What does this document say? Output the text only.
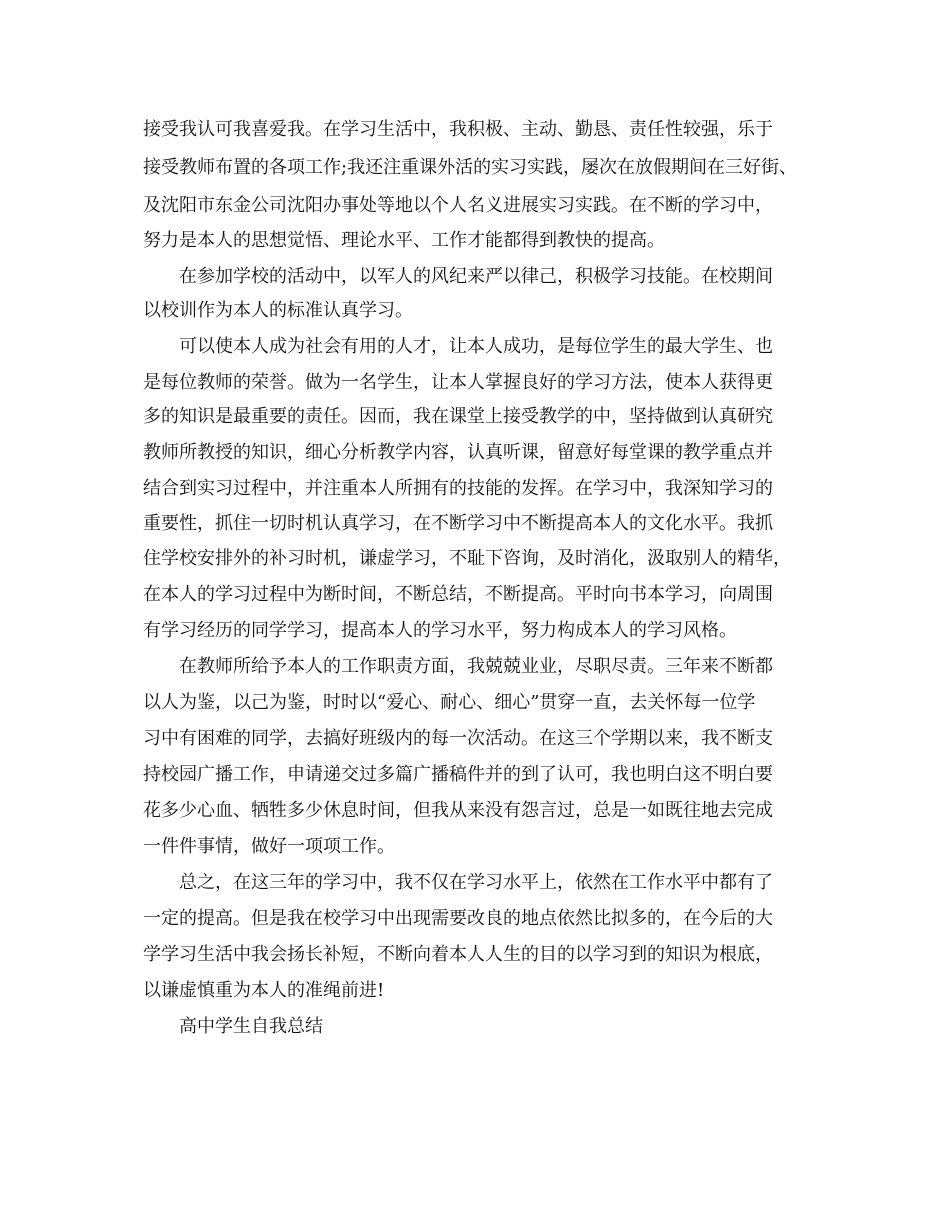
接受我认可我喜爱我。在学习生活中，我积极、主动、勤恳、责任性较强，乐于
接受教师布置的各项工作;我还注重课外活的实习实践，屡次在放假期间在三好街、
及沈阳市东金公司沈阳办事处等地以个人名义进展实习实践。在不断的学习中，
努力是本人的思想觉悟、理论水平、工作才能都得到教快的提高。
在参加学校的活动中，以军人的风纪来严以律己，积极学习技能。在校期间
以校训作为本人的标准认真学习。
可以使本人成为社会有用的人才，让本人成功，是每位学生的最大学生、也
是每位教师的荣誉。做为一名学生，让本人掌握良好的学习方法，使本人获得更
多的知识是最重要的责任。因而，我在课堂上接受教学的中，坚持做到认真研究
教师所教授的知识，细心分析教学内容，认真听课，留意好每堂课的教学重点并
结合到实习过程中，并注重本人所拥有的技能的发挥。在学习中，我深知学习的
重要性，抓住一切时机认真学习，在不断学习中不断提高本人的文化水平。我抓
住学校安排外的补习时机，谦虚学习，不耻下咨询，及时消化，汲取别人的精华，
在本人的学习过程中为断时间，不断总结，不断提高。平时向书本学习，向周围
有学习经历的同学学习，提高本人的学习水平，努力构成本人的学习风格。
在教师所给予本人的工作职责方面，我兢兢业业，尽职尽责。三年来不断都
以人为鉴，以己为鉴，时时以“爱心、耐心、细心”贯穿一直，去关怀每一位学
习中有困难的同学，去搞好班级内的每一次活动。在这三个学期以来，我不断支
持校园广播工作，申请递交过多篇广播稿件并的到了认可，我也明白这不明白要
花多少心血、牺牲多少休息时间，但我从来没有怨言过，总是一如既往地去完成
一件件事情，做好一项项工作。
总之，在这三年的学习中，我不仅在学习水平上，依然在工作水平中都有了
一定的提高。但是我在校学习中出现需要改良的地点依然比拟多的，在今后的大
学学习生活中我会扬长补短，不断向着本人人生的目的以学习到的知识为根底，
以谦虚慎重为本人的准绳前进!
高中学生自我总结
